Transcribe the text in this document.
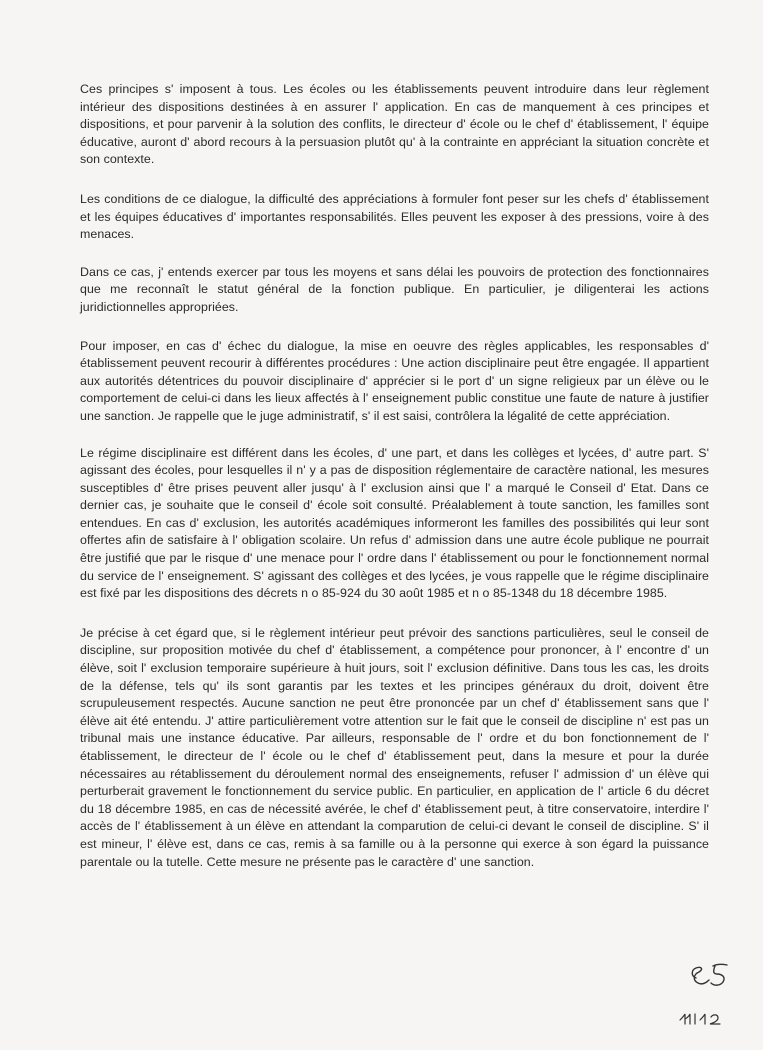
Ces principes s' imposent à tous. Les écoles ou les établissements peuvent introduire dans leur règlement intérieur des dispositions destinées à en assurer l' application. En cas de manquement à ces principes et dispositions, et pour parvenir à la solution des conflits, le directeur d' école ou le chef d' établissement, l' équipe éducative, auront d' abord recours à la persuasion plutôt qu' à la contrainte en appréciant la situation concrète et son contexte.

Les conditions de ce dialogue, la difficulté des appréciations à formuler font peser sur les chefs d' établissement et les équipes éducatives d' importantes responsabilités. Elles peuvent les exposer à des pressions, voire à des menaces.

Dans ce cas, j' entends exercer par tous les moyens et sans délai les pouvoirs de protection des fonctionnaires que me reconnaît le statut général de la fonction publique. En particulier, je diligenterai les actions juridictionnelles appropriées.

Pour imposer, en cas d' échec du dialogue, la mise en oeuvre des règles applicables, les responsables d' établissement peuvent recourir à différentes procédures : Une action disciplinaire peut être engagée. Il appartient aux autorités détentrices du pouvoir disciplinaire d' apprécier si le port d' un signe religieux par un élève ou le comportement de celui-ci dans les lieux affectés à l' enseignement public constitue une faute de nature à justifier une sanction. Je rappelle que le juge administratif, s' il est saisi, contrôlera la légalité de cette appréciation.

Le régime disciplinaire est différent dans les écoles, d' une part, et dans les collèges et lycées, d' autre part. S' agissant des écoles, pour lesquelles il n' y a pas de disposition réglementaire de caractère national, les mesures susceptibles d' être prises peuvent aller jusqu' à l' exclusion ainsi que l' a marqué le Conseil d' Etat. Dans ce dernier cas, je souhaite que le conseil d' école soit consulté. Préalablement à toute sanction, les familles sont entendues. En cas d' exclusion, les autorités académiques informeront les familles des possibilités qui leur sont offertes afin de satisfaire à l' obligation scolaire. Un refus d' admission dans une autre école publique ne pourrait être justifié que par le risque d' une menace pour l' ordre dans l' établissement ou pour le fonctionnement normal du service de l' enseignement. S' agissant des collèges et des lycées, je vous rappelle que le régime disciplinaire est fixé par les dispositions des décrets n o 85-924 du 30 août 1985 et n o 85-1348 du 18 décembre 1985.

Je précise à cet égard que, si le règlement intérieur peut prévoir des sanctions particulières, seul le conseil de discipline, sur proposition motivée du chef d' établissement, a compétence pour prononcer, à l' encontre d' un élève, soit l' exclusion temporaire supérieure à huit jours, soit l' exclusion définitive. Dans tous les cas, les droits de la défense, tels qu' ils sont garantis par les textes et les principes généraux du droit, doivent être scrupuleusement respectés. Aucune sanction ne peut être prononcée par un chef d' établissement sans que l' élève ait été entendu. J' attire particulièrement votre attention sur le fait que le conseil de discipline n' est pas un tribunal mais une instance éducative. Par ailleurs, responsable de l' ordre et du bon fonctionnement de l' établissement, le directeur de l' école ou le chef d' établissement peut, dans la mesure et pour la durée nécessaires au rétablissement du déroulement normal des enseignements, refuser l' admission d' un élève qui perturberait gravement le fonctionnement du service public. En particulier, en application de l' article 6 du décret du 18 décembre 1985, en cas de nécessité avérée, le chef d' établissement peut, à titre conservatoire, interdire l' accès de l' établissement à un élève en attendant la comparution de celui-ci devant le conseil de discipline. S' il est mineur, l' élève est, dans ce cas, remis à sa famille ou à la personne qui exerce à son égard la puissance parentale ou la tutelle. Cette mesure ne présente pas le caractère d' une sanction.
